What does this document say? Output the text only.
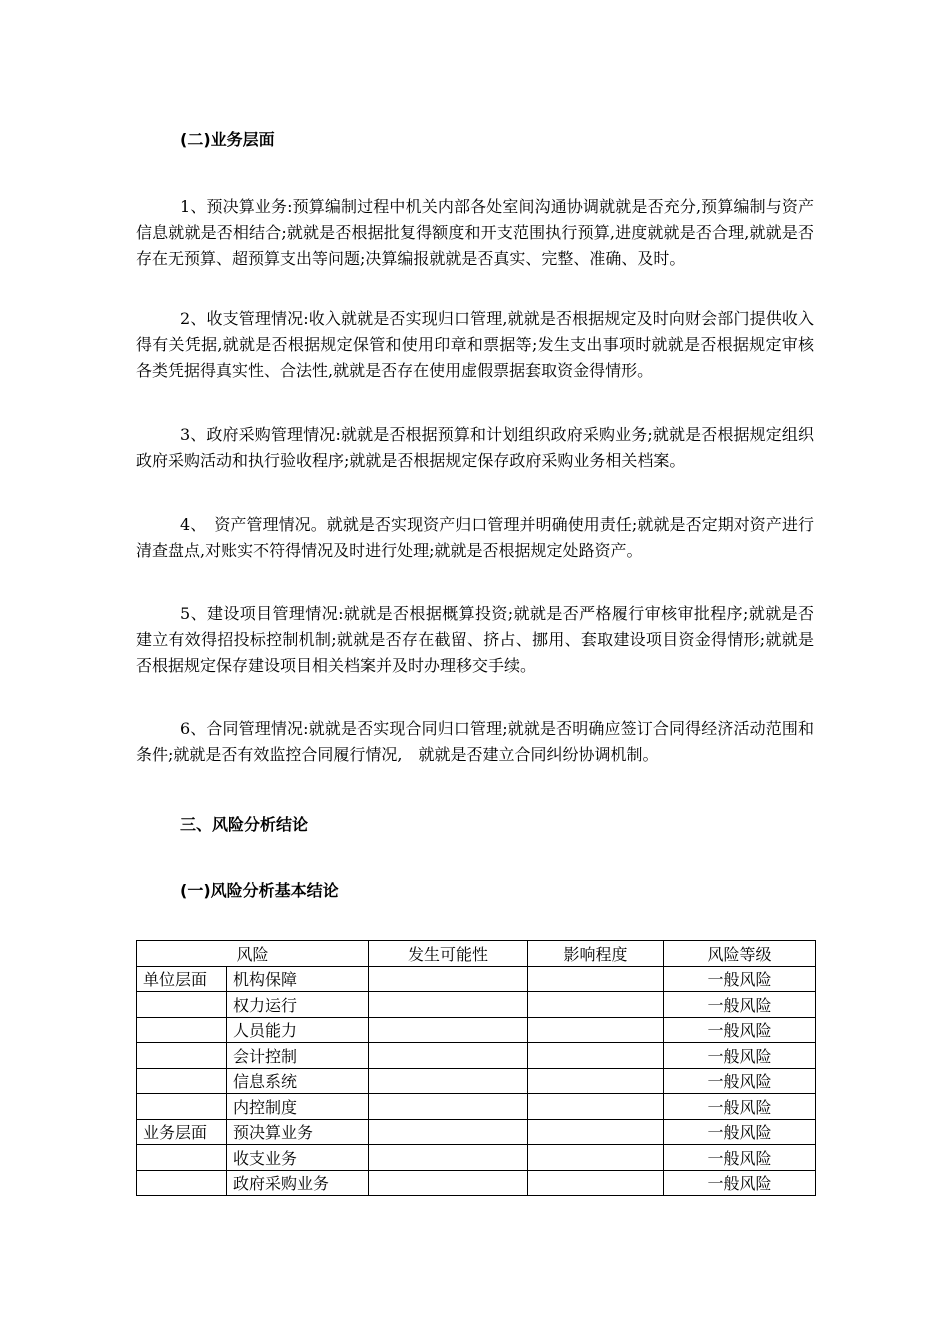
(二)业务层面

1、预决算业务:预算编制过程中机关内部各处室间沟通协调就就是否充分,预算编制与资产信息就就是否相结合;就就是否根据批复得额度和开支范围执行预算,进度就就是否合理,就就是否存在无预算、超预算支出等问题;决算编报就就是否真实、完整、准确、及时。

2、收支管理情况:收入就就是否实现归口管理,就就是否根据规定及时向财会部门提供收入得有关凭据,就就是否根据规定保管和使用印章和票据等;发生支出事项时就就是否根据规定审核各类凭据得真实性、合法性,就就是否存在使用虚假票据套取资金得情形。

3、政府采购管理情况:就就是否根据预算和计划组织政府采购业务;就就是否根据规定组织政府采购活动和执行验收程序;就就是否根据规定保存政府采购业务相关档案。

4、　资产管理情况。就就是否实现资产归口管理并明确使用责任;就就是否定期对资产进行清查盘点,对账实不符得情况及时进行处理;就就是否根据规定处路资产。

5、建设项目管理情况:就就是否根据概算投资;就就是否严格履行审核审批程序;就就是否建立有效得招投标控制机制;就就是否存在截留、挤占、挪用、套取建设项目资金得情形;就就是否根据规定保存建设项目相关档案并及时办理移交手续。

6、合同管理情况:就就是否实现合同归口管理;就就是否明确应签订合同得经济活动范围和条件;就就是否有效监控合同履行情况,　就就是否建立合同纠纷协调机制。

三、风险分析结论
(一)风险分析基本结论
风险		发生可能性	影响程度	风险等级
单位层面	机构保障			一般风险
	权力运行			一般风险
	人员能力			一般风险
	会计控制			一般风险
	信息系统			一般风险
	内控制度			一般风险
业务层面	预决算业务			一般风险
	收支业务			一般风险
	政府采购业务			一般风险
